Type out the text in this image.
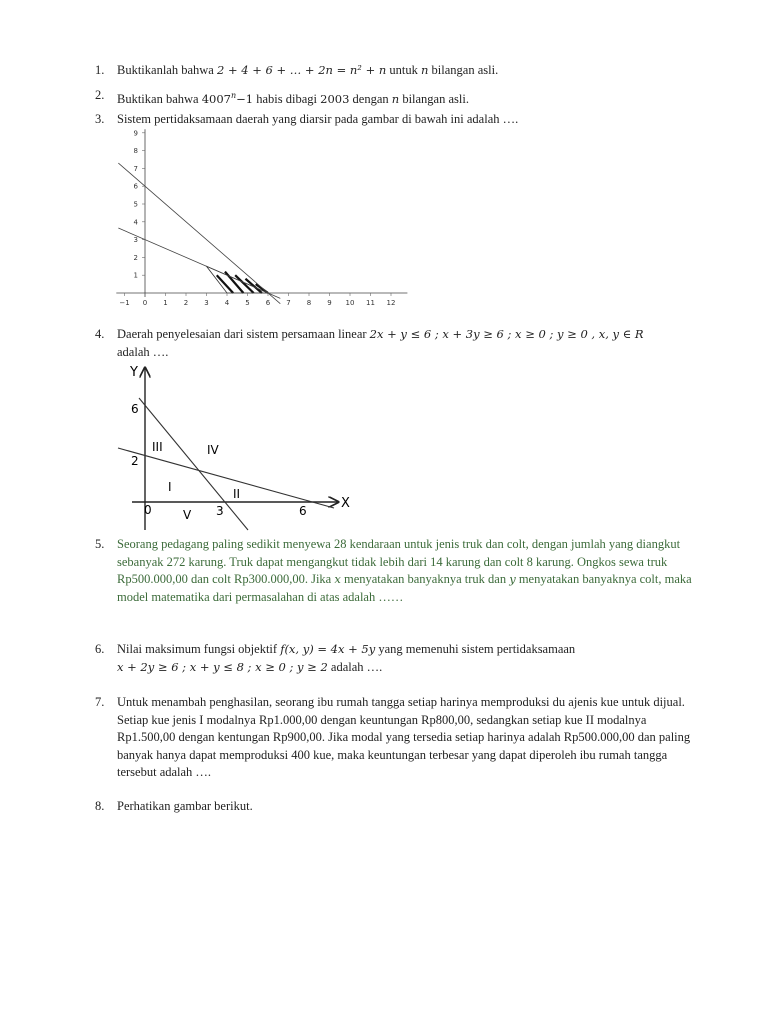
1.	Buktikanlah bahwa 2 + 4 + 6 + … + 2n = n² + n untuk n bilangan asli.
2.	Buktikan bahwa $4007^n-1$ habis dibagi 2003 dengan n bilangan asli.
3.	Sistem pertidaksamaan daerah yang diarsir pada gambar di bawah ini adalah ….
−1 0 1 2 3 4 5 6 7 8 9 10 11 12
1
2
3
4
5
6
7
8
9
4.	Daerah penyelesaian dari sistem persamaan linear 2x + y ≤ 6 ; x + 3y ≥ 6 ; x ≥ 0 ; y ≥ 0 , x, y ∈ R
adalah ….
Y
X
6
2
0	3	6
III	IV
I	II
V
5.	Seorang pedagang paling sedikit menyewa 28 kendaraan untuk jenis truk dan colt, dengan jumlah yang diangkut sebanyak 272 karung. Truk dapat mengangkut tidak lebih dari 14 karung dan colt 8 karung. Ongkos sewa truk Rp500.000,00 dan colt Rp300.000,00. Jika x menyatakan banyaknya truk dan y menyatakan banyaknya colt, maka model matematika dari permasalahan di atas adalah ……
6.	Nilai maksimum fungsi objektif f(x, y) = 4x + 5y yang memenuhi sistem pertidaksamaan
x + 2y ≥ 6 ; x + y ≤ 8 ; x ≥ 0 ; y ≥ 2 adalah ….
7.	Untuk menambah penghasilan, seorang ibu rumah tangga setiap harinya memproduksi du ajenis kue untuk dijual. Setiap kue jenis I modalnya Rp1.000,00 dengan keuntungan Rp800,00, sedangkan setiap kue II modalnya Rp1.500,00 dengan kentungan Rp900,00. Jika modal yang tersedia setiap harinya adalah Rp500.000,00 dan paling banyak hanya dapat memproduksi 400 kue, maka keuntungan terbesar yang dapat diperoleh ibu rumah tangga tersebut adalah ….
8.	Perhatikan gambar berikut.
